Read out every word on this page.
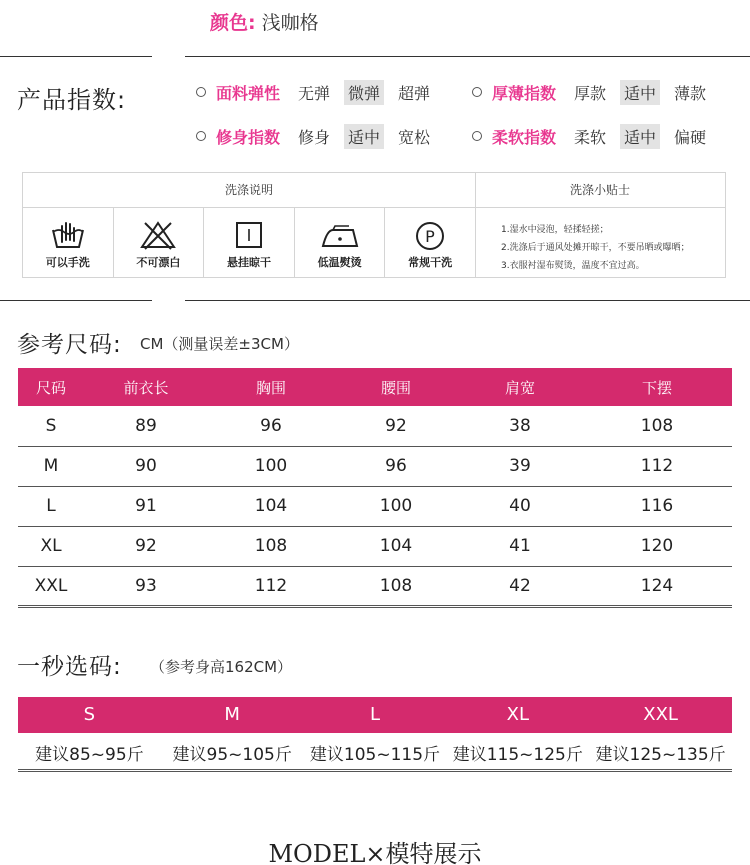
颜色: 浅咖格
产品指数:	面料弹性 无弹 微弹 超弹	厚薄指数 厚款 适中 薄款
修身指数 修身 适中 宽松	柔软指数 柔软 适中 偏硬
洗涤说明	洗涤小贴士
可以手洗	不可漂白	悬挂晾干	低温熨烫
P
常规干洗
1.湿水中浸泡，轻揉轻搓；
2.洗涤后于通风处摊开晾干，不要吊晒或曝晒；
3.衣服衬湿布熨烫，温度不宜过高。
参考尺码: CM（测量误差±3CM）
尺码	前衣长	胸围	腰围	肩宽	下摆
S	89	96	92	38	108
M	90	100	96	39	112
L	91	104	100	40	116
XL	92	108	104	41	120
XXL	93	112	108	42	124
一秒选码: （参考身高162CM）
S	M	L	XL	XXL
建议85~95斤	建议95~105斤	建议105~115斤 建议115~125斤 建议125~135斤
MODEL×模特展示
